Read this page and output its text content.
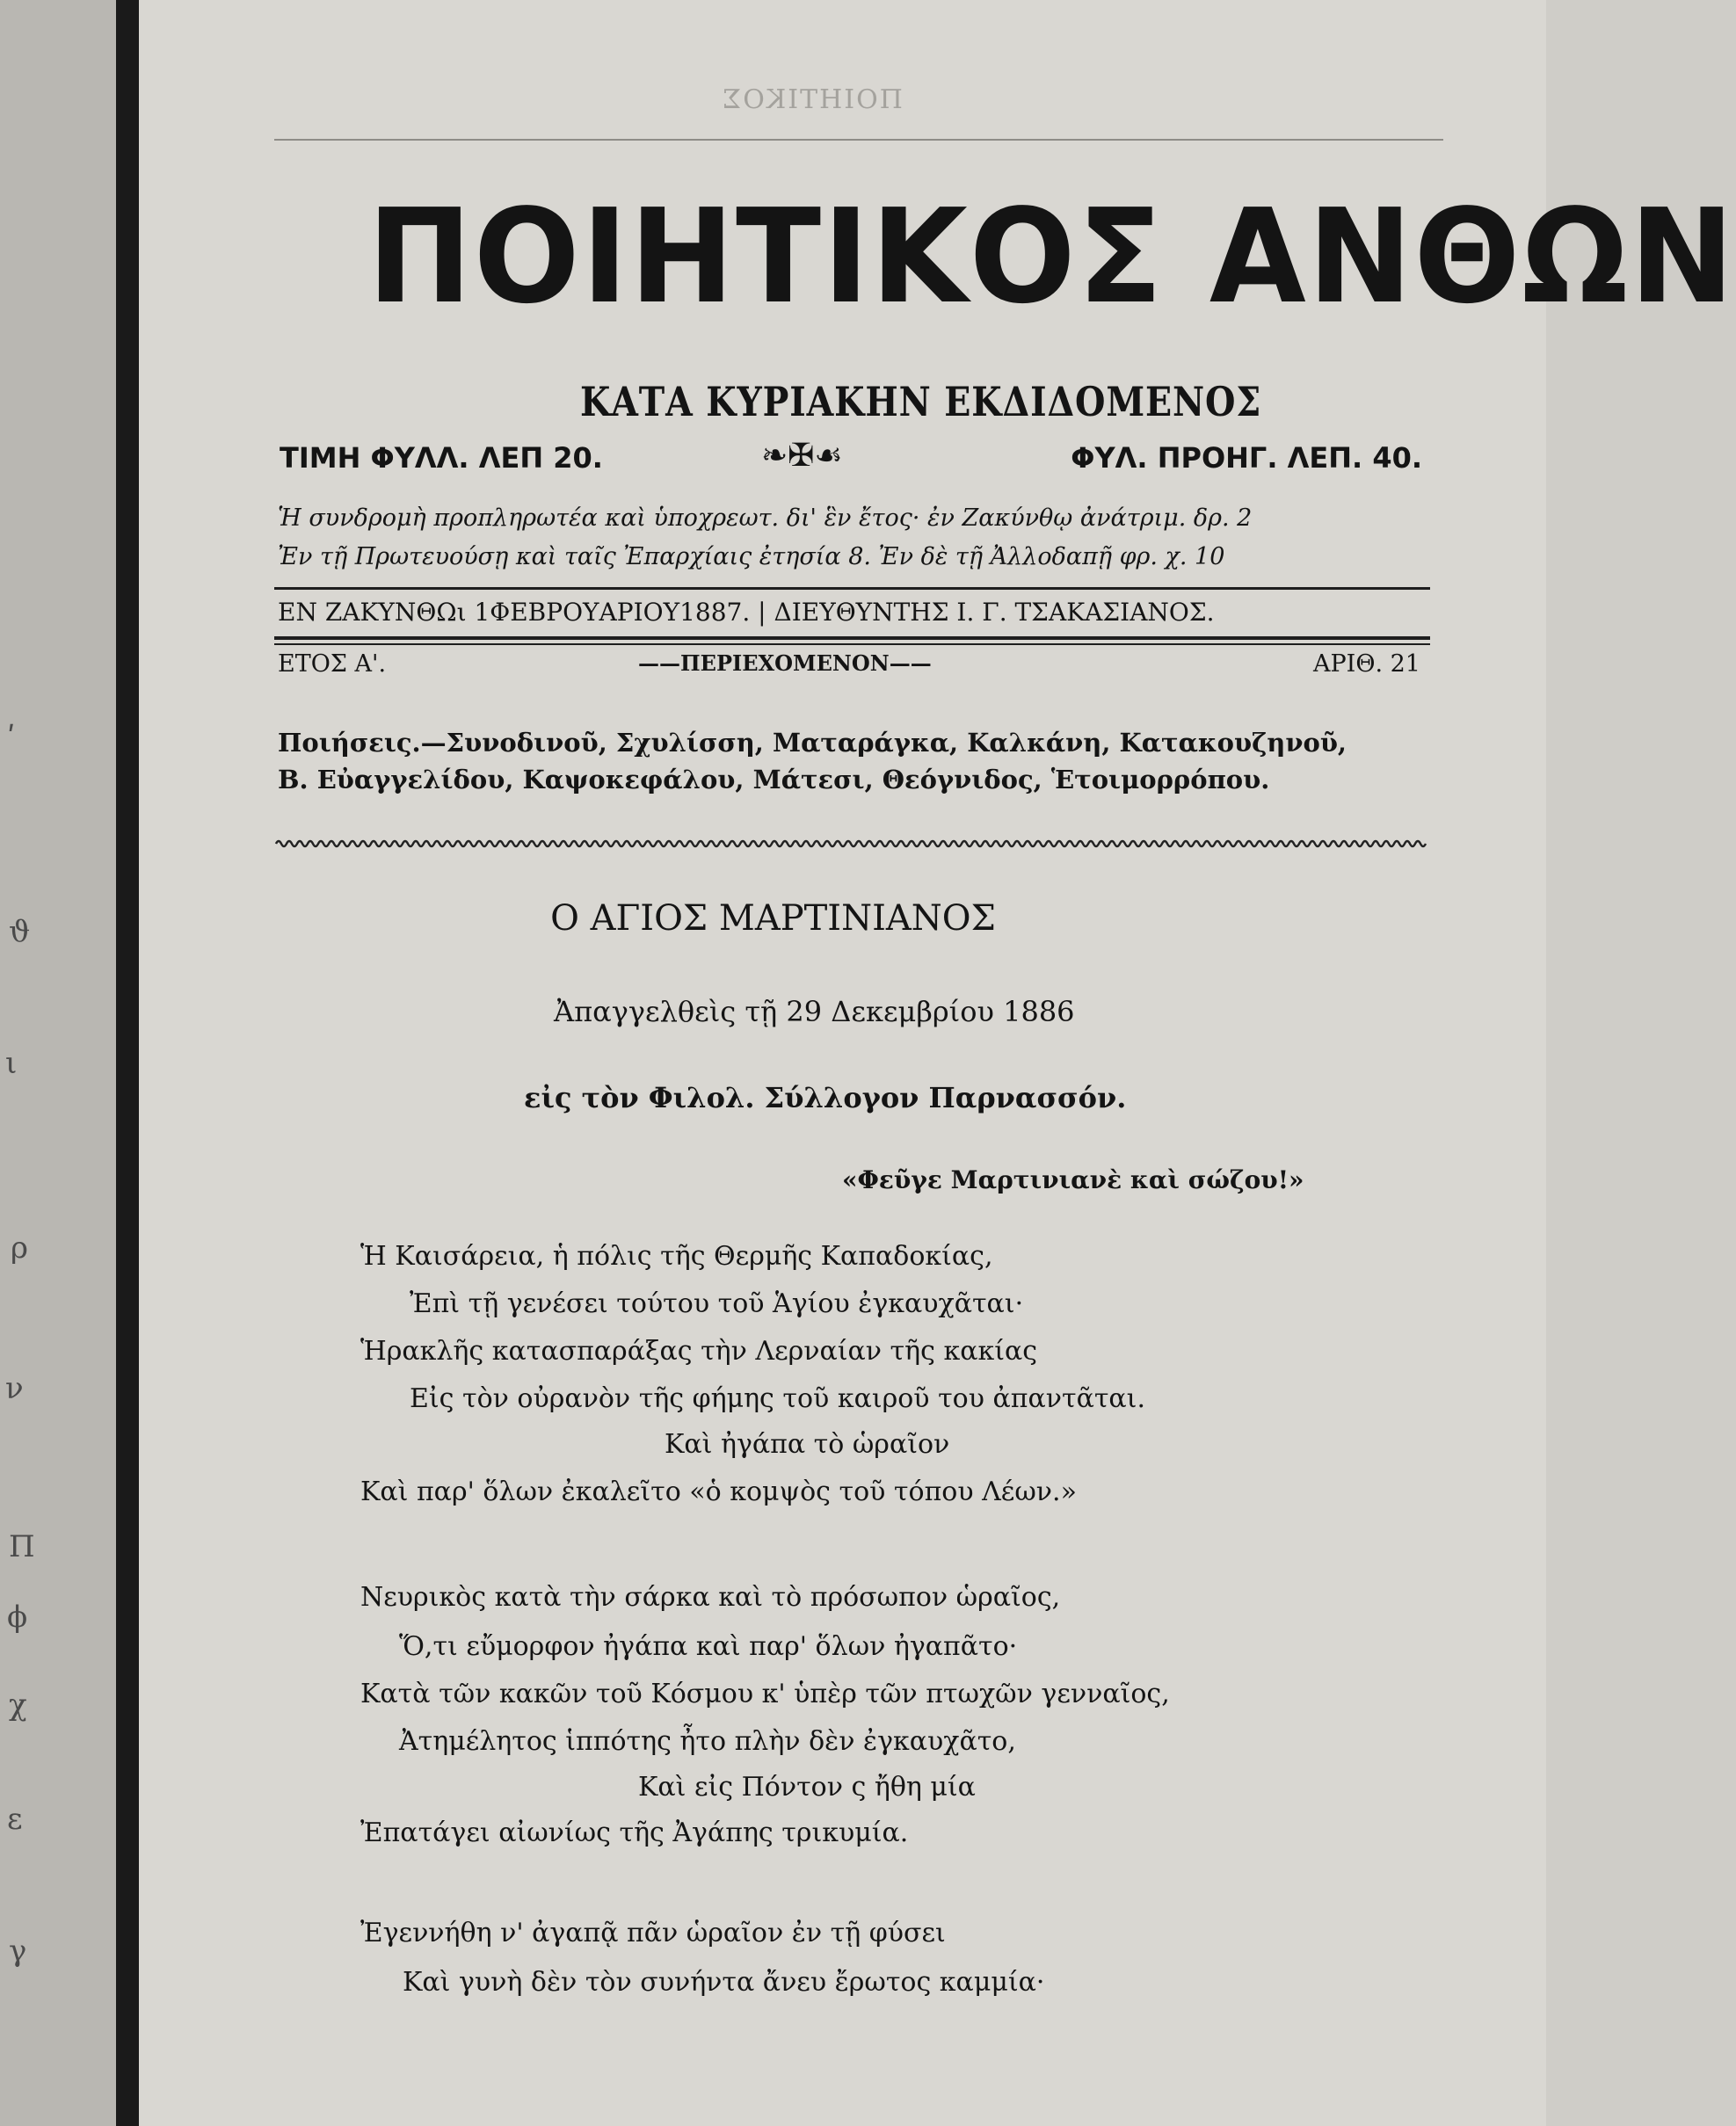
ʹ
ϑ
ι
ρ
ν
Π
ϕ
χ
ε
γ
ΠΟΙΗΤΙΚΟΣ
ΠΟΙΗΤΙΚΟΣ ΑΝΘΩΝ
ΚΑΤΑ ΚΥΡΙΑΚΗΝ ΕΚΔΙΔΟΜΕΝΟΣ
ΤΙΜΗ ΦΥΛΛ. ΛΕΠ 20.	❧✠☙	ΦΥΛ. ΠΡΟΗΓ. ΛΕΠ. 40.
Ἡ συνδρομὴ προπληρωτέα καὶ ὑποχρεωτ. δι' ἓν ἔτος· ἐν Ζακύνθῳ ἀνάτριμ. δρ. 2
Ἐν τῇ Πρωτευούσῃ καὶ ταῖς Ἐπαρχίαις ἐτησία 8. Ἐν δὲ τῇ Ἀλλοδαπῇ φρ. χ. 10
ΕΝ ΖΑΚΥΝΘΩι 1ΦΕΒΡΟΥΑΡΙΟΥ1887. | ΔΙΕΥΘΥΝΤΗΣ Ι. Γ. ΤΣΑΚΑΣΙΑΝΟΣ.
ΕΤΟΣ Α'.	——ΠΕΡΙΕΧΟΜΕΝΟΝ——	ΑΡΙΘ. 21
Ποιήσεις.—Συνοδινοῦ, Σχυλίσση, Ματαράγκα, Καλκάνη, Κατακουζηνοῦ,
Β. Εὐαγγελίδου, Καψοκεφάλου, Μάτεσι, Θεόγνιδος, Ἑτοιμορρόπου.
Ο ΑΓΙΟΣ ΜΑΡΤΙΝΙΑΝΟΣ
Ἀπαγγελθεὶς τῇ 29 Δεκεμβρίου 1886
εἰς τὸν Φιλολ. Σύλλογον Παρνασσόν.
«Φεῦγε Μαρτινιανὲ καὶ σώζου!»
Ἡ Καισάρεια, ἡ πόλις τῆς Θερμῆς Καπαδοκίας,
Ἐπὶ τῇ γενέσει τούτου τοῦ Ἁγίου ἐγκαυχᾶται·
Ἡρακλῆς κατασπαράξας τὴν Λερναίαν τῆς κακίας
Εἰς τὸν οὐρανὸν τῆς φήμης τοῦ καιροῦ του ἀπαντᾶται.
Καὶ ἠγάπα τὸ ὡραῖον
Καὶ παρ' ὅλων ἐκαλεῖτο «ὁ κομψὸς τοῦ τόπου Λέων.»
Νευρικὸς κατὰ τὴν σάρκα καὶ τὸ πρόσωπον ὡραῖος,
Ὅ,τι εὔμορφον ἠγάπα καὶ παρ' ὅλων ἠγαπᾶτο·
Κατὰ τῶν κακῶν τοῦ Κόσμου κ' ὑπὲρ τῶν πτωχῶν γενναῖος,
Ἀτημέλητος ἱππότης ἦτο πλὴν δὲν ἐγκαυχᾶτο,
Καὶ εἰς Πόντον ς ἤθη μία
Ἐπατάγει αἰωνίως τῆς Ἀγάπης τρικυμία.
Ἐγεννήθη ν' ἀγαπᾷ πᾶν ὡραῖον ἐν τῇ φύσει
Καὶ γυνὴ δὲν τὸν συνήντα ἄνευ ἔρωτος καμμία·
